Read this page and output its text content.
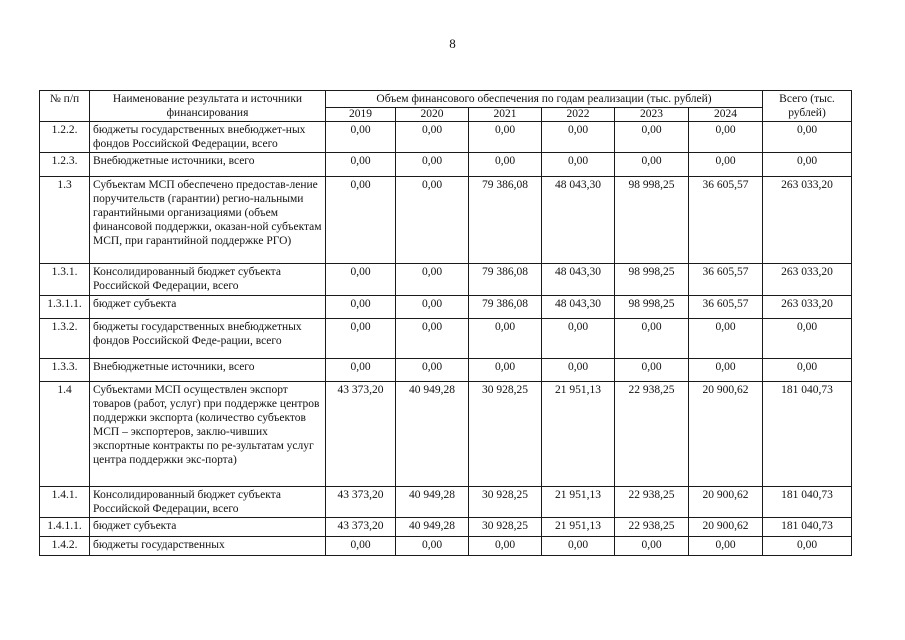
8
№ п/п	Наименование результата и источники финансирования	Объем финансового обеспечения по годам реализации (тыс. рублей)						Всего (тыс. рублей)
		2019	2020	2021	2022	2023	2024	
1.2.2.	бюджеты государственных внебюджет-ных фондов Российской Федерации, всего	0,00	0,00	0,00	0,00	0,00	0,00	0,00
1.2.3.	Внебюджетные источники, всего	0,00	0,00	0,00	0,00	0,00	0,00	0,00
1.3	Субъектам МСП обеспечено предостав-ление поручительств (гарантии) регио-нальными гарантийными организациями (объем финансовой поддержки, оказан-ной субъектам МСП, при гарантийной поддержке РГО)	0,00	0,00	79 386,08	48 043,30	98 998,25	36 605,57	263 033,20
1.3.1.	Консолидированный бюджет субъекта Российской Федерации, всего	0,00	0,00	79 386,08	48 043,30	98 998,25	36 605,57	263 033,20
1.3.1.1.	бюджет субъекта	0,00	0,00	79 386,08	48 043,30	98 998,25	36 605,57	263 033,20
1.3.2.	бюджеты государственных внебюджетных фондов Российской Феде-рации, всего	0,00	0,00	0,00	0,00	0,00	0,00	0,00
1.3.3.	Внебюджетные источники, всего	0,00	0,00	0,00	0,00	0,00	0,00	0,00
1.4	Субъектами МСП осуществлен экспорт товаров (работ, услуг) при поддержке центров поддержки экспорта (количество субъектов МСП – экспортеров, заклю-чивших экспортные контракты по ре-зультатам услуг центра поддержки экс-порта)	43 373,20	40 949,28	30 928,25	21 951,13	22 938,25	20 900,62	181 040,73
1.4.1.	Консолидированный бюджет субъекта Российской Федерации, всего	43 373,20	40 949,28	30 928,25	21 951,13	22 938,25	20 900,62	181 040,73
1.4.1.1.	бюджет субъекта	43 373,20	40 949,28	30 928,25	21 951,13	22 938,25	20 900,62	181 040,73
1.4.2.	бюджеты государственных	0,00	0,00	0,00	0,00	0,00	0,00	0,00
